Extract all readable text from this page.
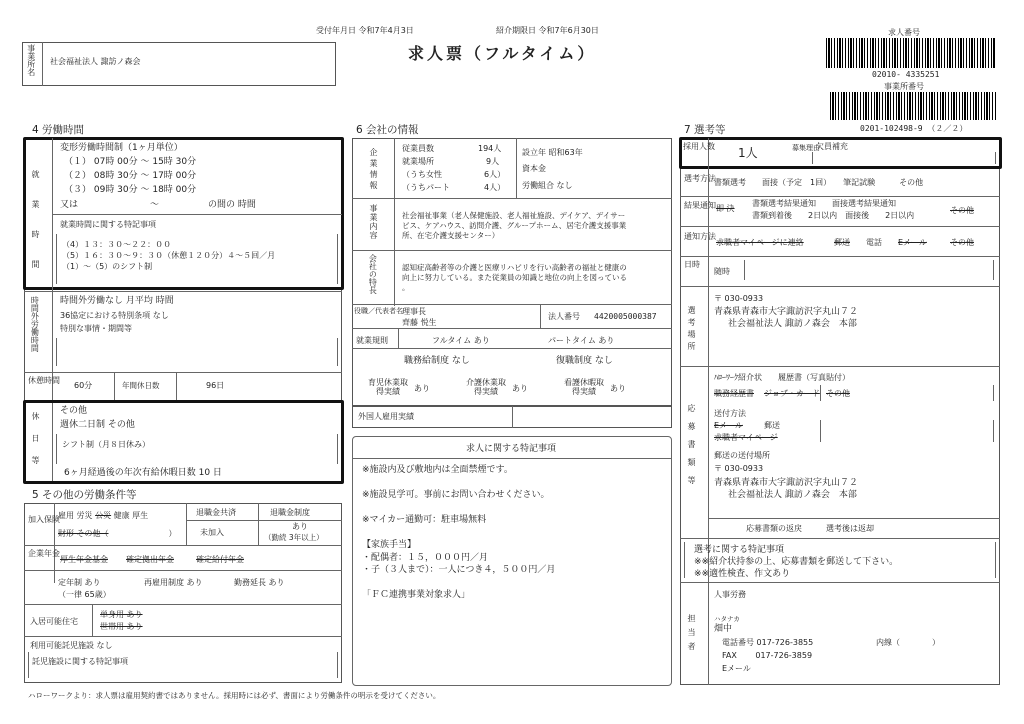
受付年月日 令和7年4月3日	紹介期限日 令和7年6月30日
求人票（フルタイム）
求人番号
02010- 4335251
事業所番号
0201-102498-9 （２／２）
事業所名 社会福祉法人 諏訪ノ森会
4 労働時間
就業時間
変形労働時間制（1ヶ月単位）
（１） 07時 00分 〜 15時 30分
（２） 08時 30分 〜 17時 00分
（３） 09時 30分 〜 18時 00分
又は	〜	の間の 時間
就業時間に関する特記事項
（4）１３：３０〜２２：００
（5）１６：３０〜９：３０（休憩１２０分）４〜５回／月
（1）〜（5）のシフト制
時間外労働時間 時間外労働なし 月平均 時間
36協定における特別条項 なし
特別な事情・期間等
休憩時間
60分	年間休日数	96日
休日等
その他
週休二日制 その他
シフト制（月８日休み）
6ヶ月経過後の年次有給休暇日数 10 日
5 その他の労働条件等
加入保険
雇用 労災 公災 健康 厚生
財形 その他（	）
退職金共済
未加入
退職金制度
あり
（勤続 3年以上）
企業年金
厚生年金基金 確定拠出年金	確定給付年金
定年制 あり
（一律 65歳）
再雇用制度 あり	勤務延長 あり
入居可能住宅
単身用 あり
世帯用 あり
利用可能託児施設 なし
託児施設に関する特記事項
ハローワークより：求人票は雇用契約書ではありません。採用時には必ず、書面により労働条件の明示を受けてください。
6 会社の情報
企業情報	従業員数	194人
就業場所	9人
（うち女性	6人）
（うちパート	4人）
設立年 昭和63年
資本金
労働組合 なし
事業内容	社会福祉事業（老人保健施設、老人福祉施設、デイケア、デイサー
ビス、ケアハウス、訪問介護、グループホーム、居宅介護支援事業
所、在宅介護支援センター）
会社の特長	認知症高齢者等の介護と医療リハビリを行い高齢者の福祉と健康の
向上に努力している。また従業員の知識と地位の向上を図っている
。
役職／代表者名 理事長
齊藤 悦生
法人番号 4420005000387
就業規則	フルタイム あり	パートタイム あり
職務給制度 なし	復職制度 なし
育児休業取得実績	あり
介護休業取得実績	あり
看護休暇取得実績	あり
外国人雇用実績
求人に関する特記事項
※施設内及び敷地内は全面禁煙です。
※施設見学可。事前にお問い合わせください。
※マイカー通勤可：駐車場無料
【家族手当】
・配偶者：１５，０００円／月
・子（３人まで）：一人につき４，５００円／月
「ＦＣ連携事業対象求人」
7 選考等
採用人数 1人	募集理由
欠員補充
選考方法
書類選考　　面接（予定　1回）　　筆記試験　　　その他
結果通知 即 決
書類選考結果通知　　面接選考結果通知
書類到着後　　2日以内　面接後　　2日以内
その他
通知方法
求職者マイページに連絡	郵送 電話 Eメール	その他
日時
随時
選考場所
〒 030-0933
青森県青森市大字諏訪沢字丸山７２
社会福祉法人 諏訪ノ森会　本部
応募書類等
ﾊﾛｰﾜｰｸ紹介状　　履歴書（写真貼付）
職務経歴書 ジョブ・カード その他
送付方法
Eメール	郵送
求職者マイページ
郵送の送付場所
〒 030-0933
青森県青森市大字諏訪沢字丸山７２
社会福祉法人 諏訪ノ森会　本部
応募書類の返戻　　　選考後は返却
選考に関する特記事項
※※紹介状持参の上、応募書類を郵送して下さい。
※※適性検査、作文あり
担当者
人事労務
ハタナカ
畑中
電話番号 017-726-3855	内線（　　　　）
FAX　　 017-726-3859
Eメール
